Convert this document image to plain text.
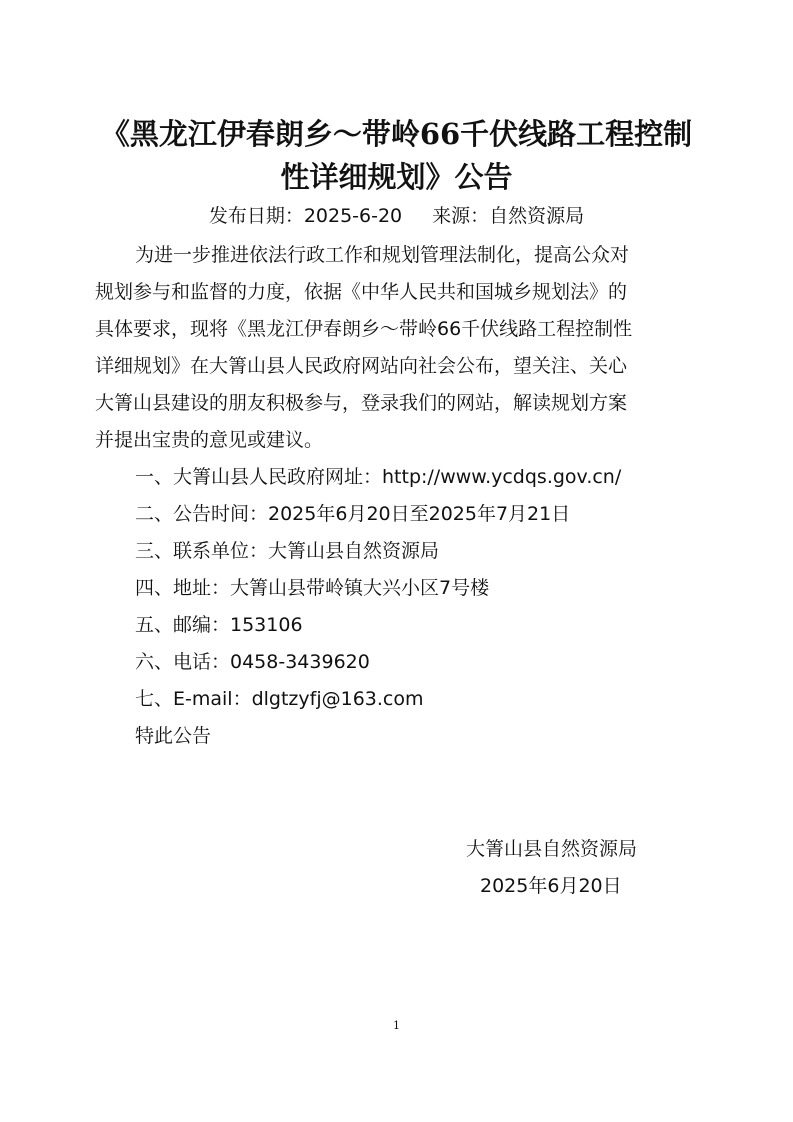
《黑龙江伊春朗乡～带岭66千伏线路工程控制
性详细规划》公告
发布日期：2025-6-20 来源：自然资源局
为进一步推进依法行政工作和规划管理法制化，提高公众对
规划参与和监督的力度，依据《中华人民共和国城乡规划法》的
具体要求，现将《黑龙江伊春朗乡～带岭66千伏线路工程控制性
详细规划》在大箐山县人民政府网站向社会公布，望关注、关心
大箐山县建设的朋友积极参与，登录我们的网站，解读规划方案
并提出宝贵的意见或建议。
一、大箐山县人民政府网址：http://www.ycdqs.gov.cn/
二、公告时间：2025年6月20日至2025年7月21日
三、联系单位：大箐山县自然资源局
四、地址：大箐山县带岭镇大兴小区7号楼
五、邮编：153106
六、电话：0458-3439620
七、E-mail：dlgtzyfj@163.com
特此公告
大箐山县自然资源局
2025年6月20日
1
